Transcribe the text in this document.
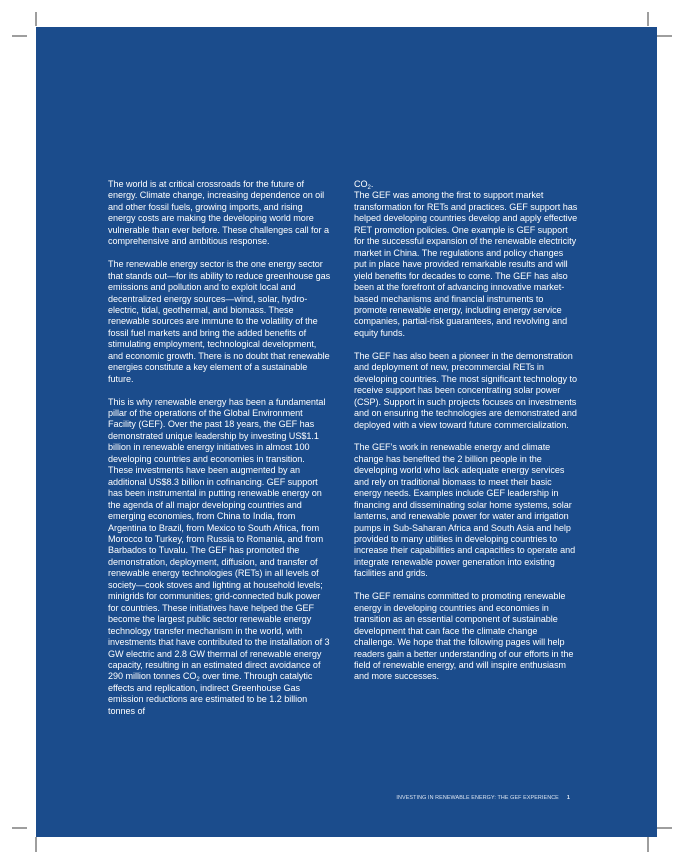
The world is at critical crossroads for the future of energy. Climate change, increasing dependence on oil and other fossil fuels, growing imports, and rising energy costs are making the developing world more vulnerable than ever before. These challenges call for a comprehensive and ambitious response.

The renewable energy sector is the one energy sector that stands out—for its ability to reduce greenhouse gas emissions and pollution and to exploit local and decentralized energy sources—wind, solar, hydro-electric, tidal, geothermal, and biomass. These renewable sources are immune to the volatility of the fossil fuel markets and bring the added benefits of stimulating employment, technological development, and economic growth. There is no doubt that renewable energies constitute a key element of a sustainable future.

This is why renewable energy has been a fundamental pillar of the operations of the Global Environment Facility (GEF). Over the past 18 years, the GEF has demonstrated unique leadership by investing US$1.1 billion in renewable energy initiatives in almost 100 developing countries and economies in transition. These investments have been augmented by an additional US$8.3 billion in cofinancing. GEF support has been instrumental in putting renewable energy on the agenda of all major developing countries and emerging economies, from China to India, from Argentina to Brazil, from Mexico to South Africa, from Morocco to Turkey, from Russia to Romania, and from Barbados to Tuvalu. The GEF has promoted the demonstration, deployment, diffusion, and transfer of renewable energy technologies (RETs) in all levels of society—cook stoves and lighting at household levels; minigrids for communities; grid-connected bulk power for countries. These initiatives have helped the GEF become the largest public sector renewable energy technology transfer mechanism in the world, with investments that have contributed to the installation of 3 GW electric and 2.8 GW thermal of renewable energy capacity, resulting in an estimated direct avoidance of 290 million tonnes $CO_2$ over time. Through catalytic effects and replication, indirect Greenhouse Gas emission reductions are estimated to be 1.2 billion tonnes of

$CO_2$.

The GEF was among the first to support market transformation for RETs and practices. GEF support has helped developing countries develop and apply effective RET promotion policies. One example is GEF support for the successful expansion of the renewable electricity market in China. The regulations and policy changes put in place have provided remarkable results and will yield benefits for decades to come. The GEF has also been at the forefront of advancing innovative market-based mechanisms and financial instruments to promote renewable energy, including energy service companies, partial-risk guarantees, and revolving and equity funds.

The GEF has also been a pioneer in the demonstration and deployment of new, precommercial RETs in developing countries. The most significant technology to receive support has been concentrating solar power (CSP). Support in such projects focuses on investments and on ensuring the technologies are demonstrated and deployed with a view toward future commercialization.

The GEF’s work in renewable energy and climate change has benefited the 2 billion people in the developing world who lack adequate energy services and rely on traditional biomass to meet their basic energy needs. Examples include GEF leadership in financing and disseminating solar home systems, solar lanterns, and renewable power for water and irrigation pumps in Sub-Saharan Africa and South Asia and help provided to many utilities in developing countries to increase their capabilities and capacities to operate and integrate renewable power generation into existing facilities and grids.

The GEF remains committed to promoting renewable energy in developing countries and economies in transition as an essential component of sustainable development that can face the climate change challenge. We hope that the following pages will help readers gain a better understanding of our efforts in the field of renewable energy, and will inspire enthusiasm and more successes.

INVESTING IN RENEWABLE ENERGY: THE GEF EXPERIENCE 1
